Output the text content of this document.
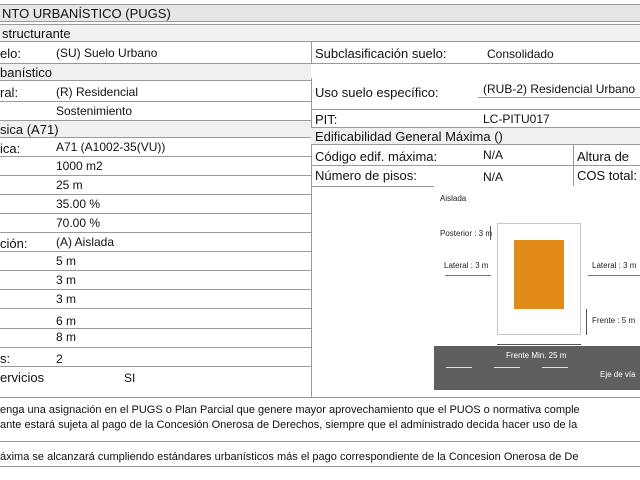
NTO URBANÍSTICO (PUGS)
structurante
elo:	(SU) Suelo Urbano	Subclasificación suelo:	Consolidado
banístico
ral:	(R) Residencial
Sostenimiento
Uso suelo específico:	(RUB-2) Residencial Urbano
PIT:	LC-PITU017
sica (A71)	Edificabilidad General Máxima ()
ica:	A71 (A1002-35(VU))
Código edif. máxima:	N/A	Altura de
Número de pisos:	N/A	COS total:
1000 m2
25 m
35.00 %
70.00 %
ción: (A) Aislada
5 m
3 m
3 m
6 m
8 m
s:	2
ervicios	SI
Aislada
Posterior : 3 m
Lateral : 3 m	Lateral : 3 m
Frente : 5 m
Frente Min. 25 m
Eje de vía
enga una asignación en el PUGS o Plan Parcial que genere mayor aprovechamiento que el PUOS o normativa comple
ante estará sujeta al pago de la Concesión Onerosa de Derechos, siempre que el administrado decida hacer uso de la
áxima se alcanzará cumpliendo estándares urbanísticos más el pago correspondiente de la Concesion Onerosa de De
